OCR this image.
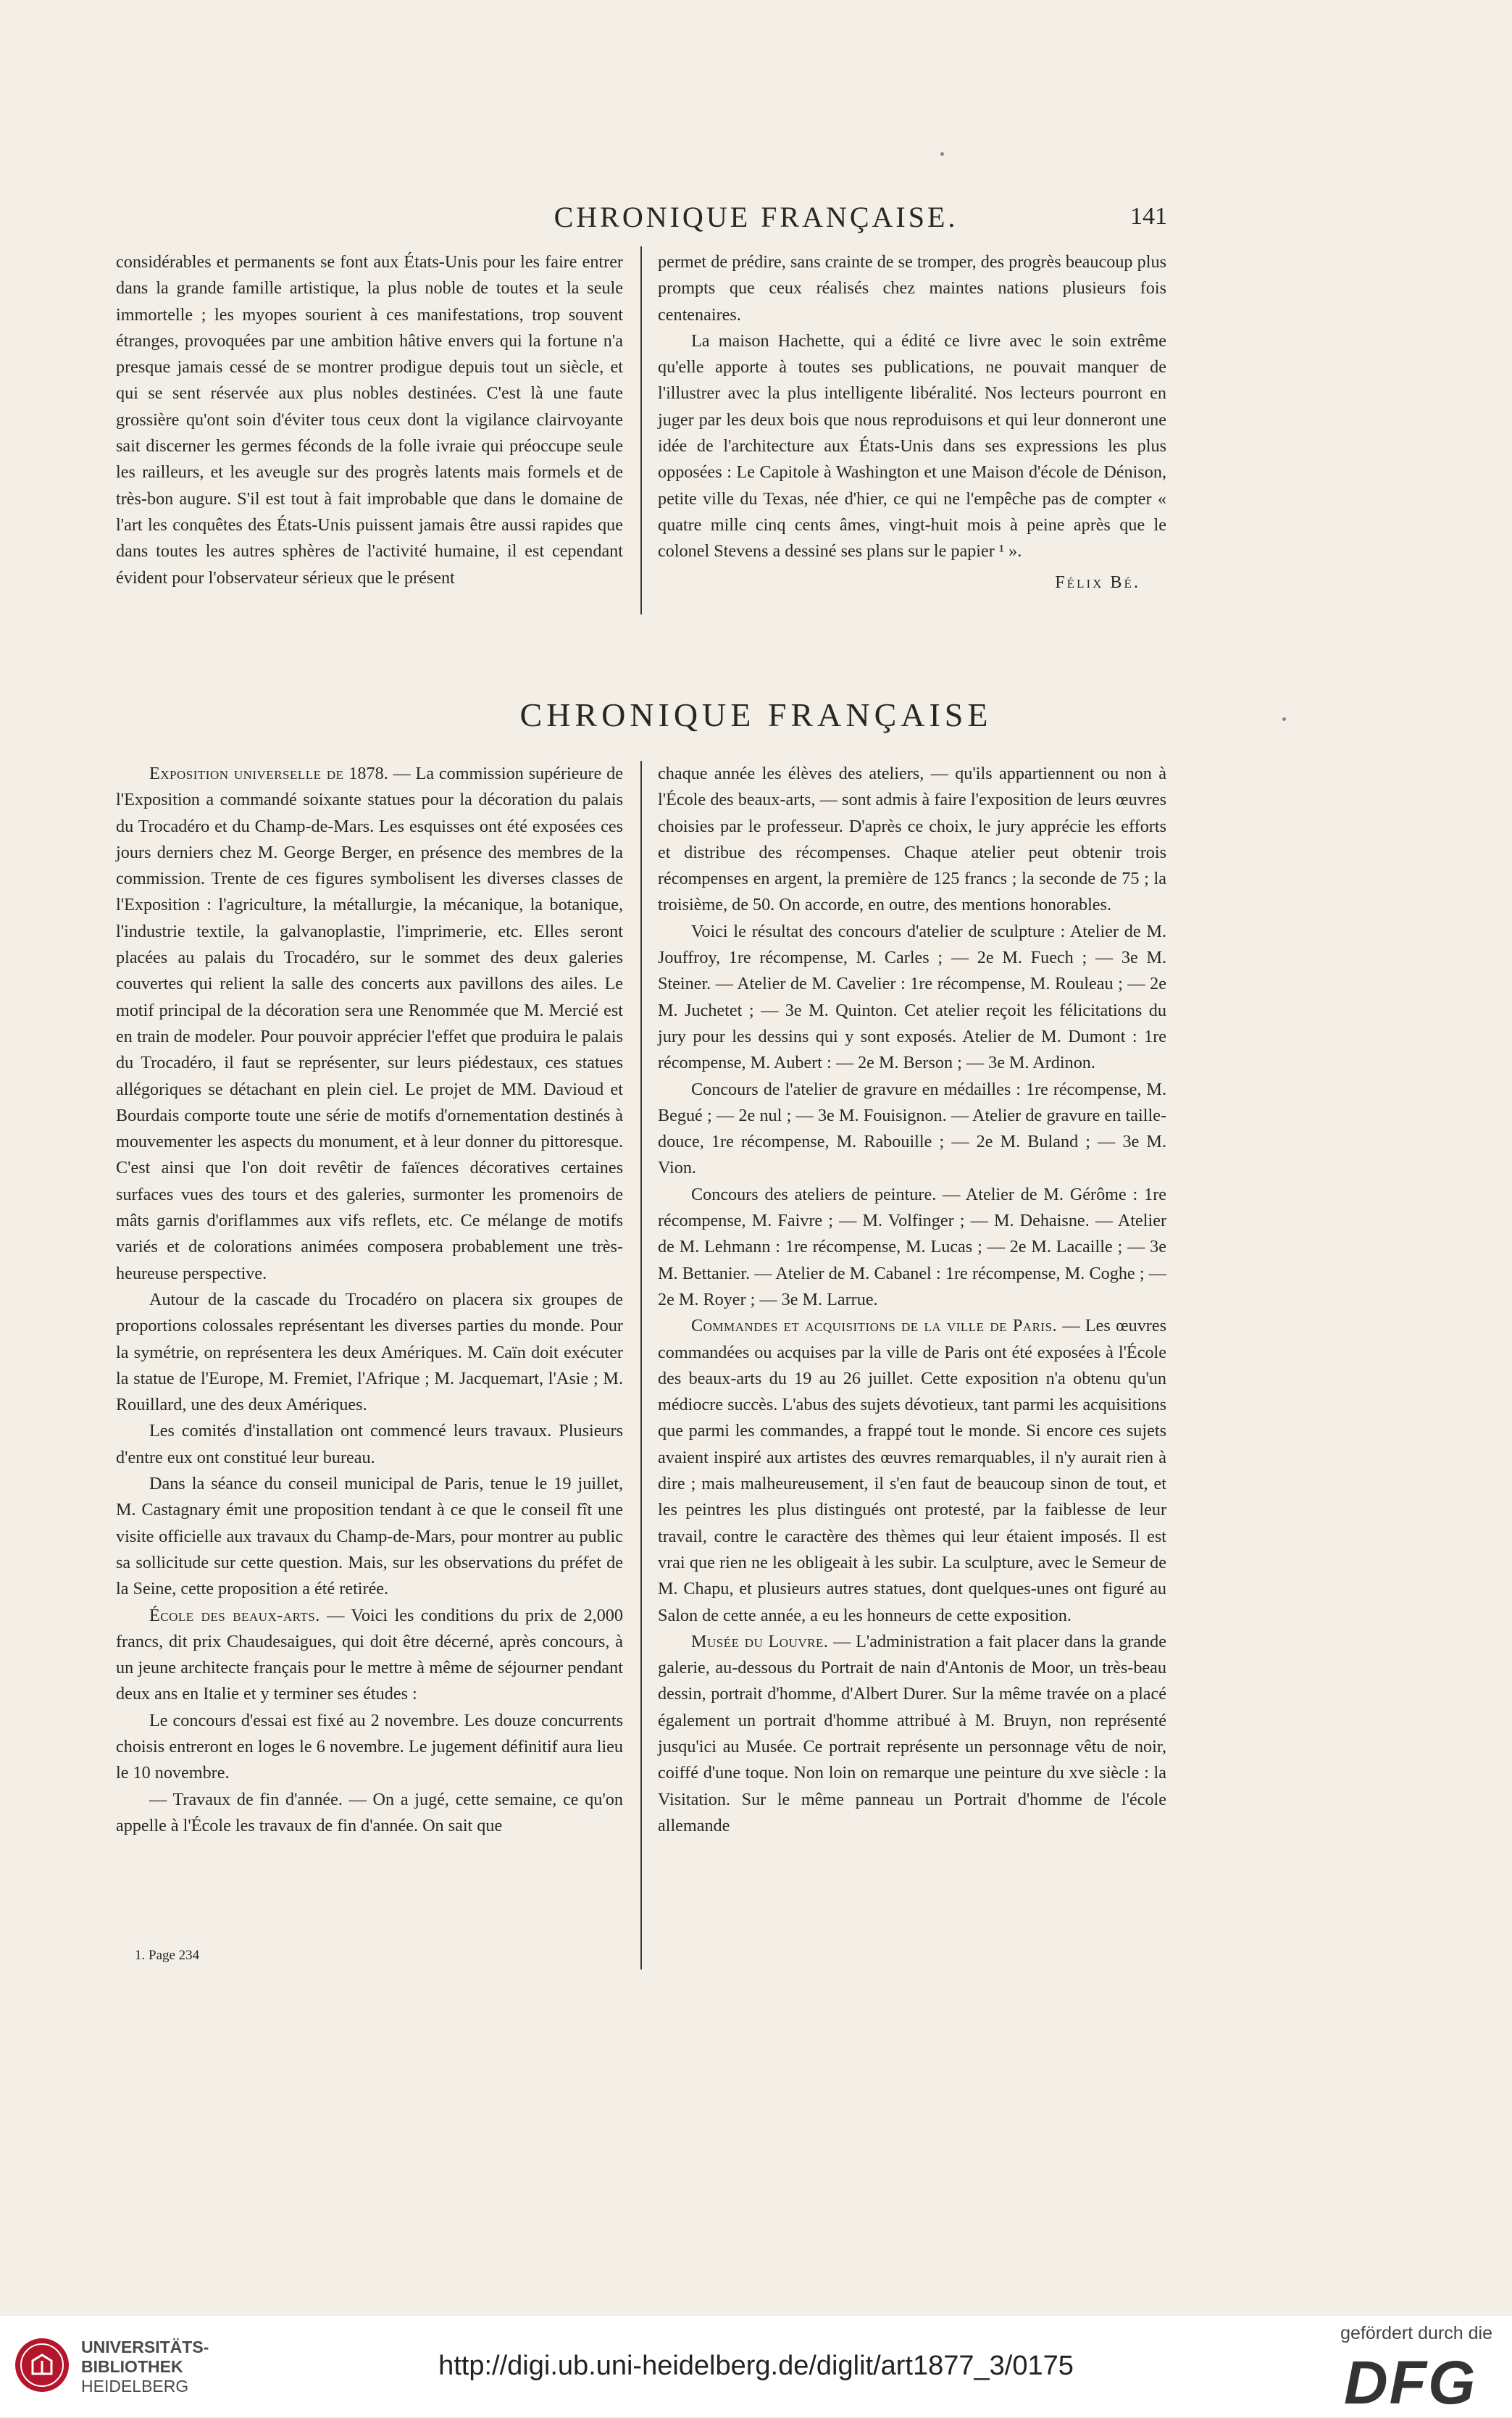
CHRONIQUE FRANÇAISE.	141

considérables et permanents se font aux États-Unis pour les faire entrer dans la grande famille artistique, la plus noble de toutes et la seule immortelle ; les myopes sourient à ces manifestations, trop souvent étranges, provoquées par une ambition hâtive envers qui la fortune n'a presque jamais cessé de se montrer prodigue depuis tout un siècle, et qui se sent réservée aux plus nobles destinées. C'est là une faute grossière qu'ont soin d'éviter tous ceux dont la vigilance clairvoyante sait discerner les germes féconds de la folle ivraie qui préoccupe seule les railleurs, et les aveugle sur des progrès latents mais formels et de très-bon augure. S'il est tout à fait improbable que dans le domaine de l'art les conquêtes des États-Unis puissent jamais être aussi rapides que dans toutes les autres sphères de l'activité humaine, il est cependant évident pour l'observateur sérieux que le présent

permet de prédire, sans crainte de se tromper, des progrès beaucoup plus prompts que ceux réalisés chez maintes nations plusieurs fois centenaires.

La maison Hachette, qui a édité ce livre avec le soin extrême qu'elle apporte à toutes ses publications, ne pouvait manquer de l'illustrer avec la plus intelligente libéralité. Nos lecteurs pourront en juger par les deux bois que nous reproduisons et qui leur donneront une idée de l'architecture aux États-Unis dans ses expressions les plus opposées : Le Capitole à Washington et une Maison d'école de Dénison, petite ville du Texas, née d'hier, ce qui ne l'empêche pas de compter « quatre mille cinq cents âmes, vingt-huit mois à peine après que le colonel Stevens a dessiné ses plans sur le papier ¹ ».

Félix Bé.
CHRONIQUE FRANÇAISE

Exposition universelle de 1878. — La commission supérieure de l'Exposition a commandé soixante statues pour la décoration du palais du Trocadéro et du Champ-de-Mars. Les esquisses ont été exposées ces jours derniers chez M. George Berger, en présence des membres de la commission. Trente de ces figures symbolisent les diverses classes de l'Exposition : l'agriculture, la métallurgie, la mécanique, la botanique, l'industrie textile, la galvanoplastie, l'imprimerie, etc. Elles seront placées au palais du Trocadéro, sur le sommet des deux galeries couvertes qui relient la salle des concerts aux pavillons des ailes. Le motif principal de la décoration sera une Renommée que M. Mercié est en train de modeler. Pour pouvoir apprécier l'effet que produira le palais du Trocadéro, il faut se représenter, sur leurs piédestaux, ces statues allégoriques se détachant en plein ciel. Le projet de MM. Davioud et Bourdais comporte toute une série de motifs d'ornementation destinés à mouvementer les aspects du monument, et à leur donner du pittoresque. C'est ainsi que l'on doit revêtir de faïences décoratives certaines surfaces vues des tours et des galeries, surmonter les promenoirs de mâts garnis d'oriflammes aux vifs reflets, etc. Ce mélange de motifs variés et de colorations animées composera probablement une très-heureuse perspective.

Autour de la cascade du Trocadéro on placera six groupes de proportions colossales représentant les diverses parties du monde. Pour la symétrie, on représentera les deux Amériques. M. Caïn doit exécuter la statue de l'Europe, M. Fremiet, l'Afrique ; M. Jacquemart, l'Asie ; M. Rouillard, une des deux Amériques.

Les comités d'installation ont commencé leurs travaux. Plusieurs d'entre eux ont constitué leur bureau.

Dans la séance du conseil municipal de Paris, tenue le 19 juillet, M. Castagnary émit une proposition tendant à ce que le conseil fît une visite officielle aux travaux du Champ-de-Mars, pour montrer au public sa sollicitude sur cette question. Mais, sur les observations du préfet de la Seine, cette proposition a été retirée.

École des beaux-arts. — Voici les conditions du prix de 2,000 francs, dit prix Chaudesaigues, qui doit être décerné, après concours, à un jeune architecte français pour le mettre à même de séjourner pendant deux ans en Italie et y terminer ses études :

Le concours d'essai est fixé au 2 novembre. Les douze concurrents choisis entreront en loges le 6 novembre. Le jugement définitif aura lieu le 10 novembre.

— Travaux de fin d'année. — On a jugé, cette semaine, ce qu'on appelle à l'École les travaux de fin d'année. On sait que

chaque année les élèves des ateliers, — qu'ils appartiennent ou non à l'École des beaux-arts, — sont admis à faire l'exposition de leurs œuvres choisies par le professeur. D'après ce choix, le jury apprécie les efforts et distribue des récompenses. Chaque atelier peut obtenir trois récompenses en argent, la première de 125 francs ; la seconde de 75 ; la troisième, de 50. On accorde, en outre, des mentions honorables.

Voici le résultat des concours d'atelier de sculpture : Atelier de M. Jouffroy, 1re récompense, M. Carles ; — 2e M. Fuech ; — 3e M. Steiner. — Atelier de M. Cavelier : 1re récompense, M. Rouleau ; — 2e M. Juchetet ; — 3e M. Quinton. Cet atelier reçoit les félicitations du jury pour les dessins qui y sont exposés. Atelier de M. Dumont : 1re récompense, M. Aubert : — 2e M. Berson ; — 3e M. Ardinon.

Concours de l'atelier de gravure en médailles : 1re récompense, M. Begué ; — 2e nul ; — 3e M. Fouisignon. — Atelier de gravure en taille-douce, 1re récompense, M. Rabouille ; — 2e M. Buland ; — 3e M. Vion.

Concours des ateliers de peinture. — Atelier de M. Gérôme : 1re récompense, M. Faivre ; — M. Volfinger ; — M. Dehaisne. — Atelier de M. Lehmann : 1re récompense, M. Lucas ; — 2e M. Lacaille ; — 3e M. Bettanier. — Atelier de M. Cabanel : 1re récompense, M. Coghe ; — 2e M. Royer ; — 3e M. Larrue.

Commandes et acquisitions de la ville de Paris. — Les œuvres commandées ou acquises par la ville de Paris ont été exposées à l'École des beaux-arts du 19 au 26 juillet. Cette exposition n'a obtenu qu'un médiocre succès. L'abus des sujets dévotieux, tant parmi les acquisitions que parmi les commandes, a frappé tout le monde. Si encore ces sujets avaient inspiré aux artistes des œuvres remarquables, il n'y aurait rien à dire ; mais malheureusement, il s'en faut de beaucoup sinon de tout, et les peintres les plus distingués ont protesté, par la faiblesse de leur travail, contre le caractère des thèmes qui leur étaient imposés. Il est vrai que rien ne les obligeait à les subir. La sculpture, avec le Semeur de M. Chapu, et plusieurs autres statues, dont quelques-unes ont figuré au Salon de cette année, a eu les honneurs de cette exposition.

Musée du Louvre. — L'administration a fait placer dans la grande galerie, au-dessous du Portrait de nain d'Antonis de Moor, un très-beau dessin, portrait d'homme, d'Albert Durer. Sur la même travée on a placé également un portrait d'homme attribué à M. Bruyn, non représenté jusqu'ici au Musée. Ce portrait représente un personnage vêtu de noir, coiffé d'une toque. Non loin on remarque une peinture du xve siècle : la Visitation. Sur le même panneau un Portrait d'homme de l'école allemande

1. Page 234
UNIVERSITÄTS-
BIBLIOTHEK
HEIDELBERG
http://digi.ub.uni-heidelberg.de/diglit/art1877_3/0175
gefördert durch die
DFG
